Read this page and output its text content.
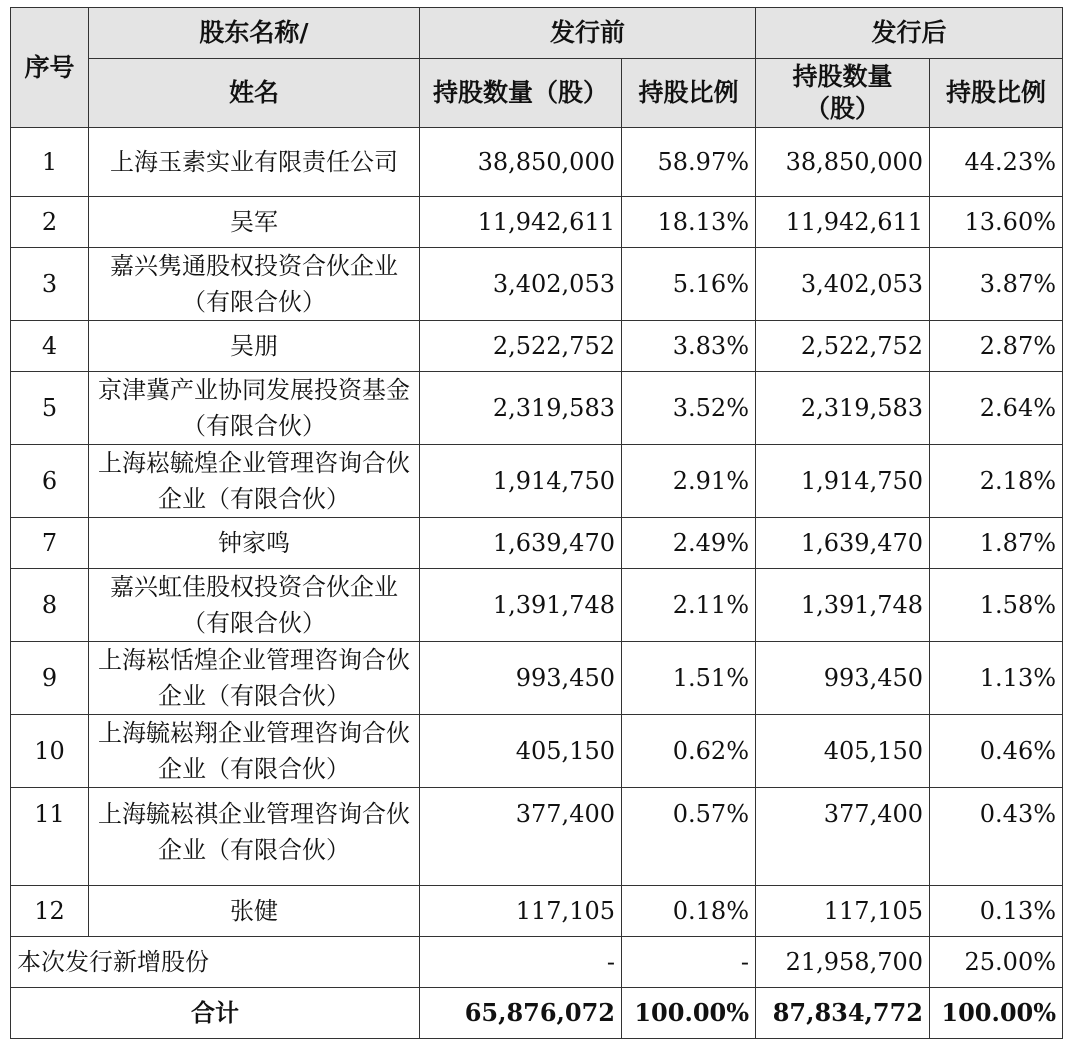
序号	股东名称/	发行前		发行后	
	姓名	持股数量（股）	持股比例	持股数量（股）	持股比例
1	上海玉素实业有限责任公司	38,850,000	58.97%	38,850,000	44.23%
2	吴军	11,942,611	18.13%	11,942,611	13.60%
3	嘉兴隽通股权投资合伙企业（有限合伙）	3,402,053	5.16%	3,402,053	3.87%
4	吴朋	2,522,752	3.83%	2,522,752	2.87%
5	京津冀产业协同发展投资基金（有限合伙）	2,319,583	3.52%	2,319,583	2.64%
6	上海崧毓煌企业管理咨询合伙企业（有限合伙）	1,914,750	2.91%	1,914,750	2.18%
7	钟家鸣	1,639,470	2.49%	1,639,470	1.87%
8	嘉兴虹佳股权投资合伙企业（有限合伙）	1,391,748	2.11%	1,391,748	1.58%
9	上海崧恬煌企业管理咨询合伙企业（有限合伙）	993,450	1.51%	993,450	1.13%
10	上海毓崧翔企业管理咨询合伙企业（有限合伙）	405,150	0.62%	405,150	0.46%
11	上海毓崧祺企业管理咨询合伙企业（有限合伙）	377,400	0.57%	377,400	0.43%
12	张健	117,105	0.18%	117,105	0.13%
本次发行新增股份		-	-	21,958,700	25.00%
合计		65,876,072	100.00%	87,834,772	100.00%
